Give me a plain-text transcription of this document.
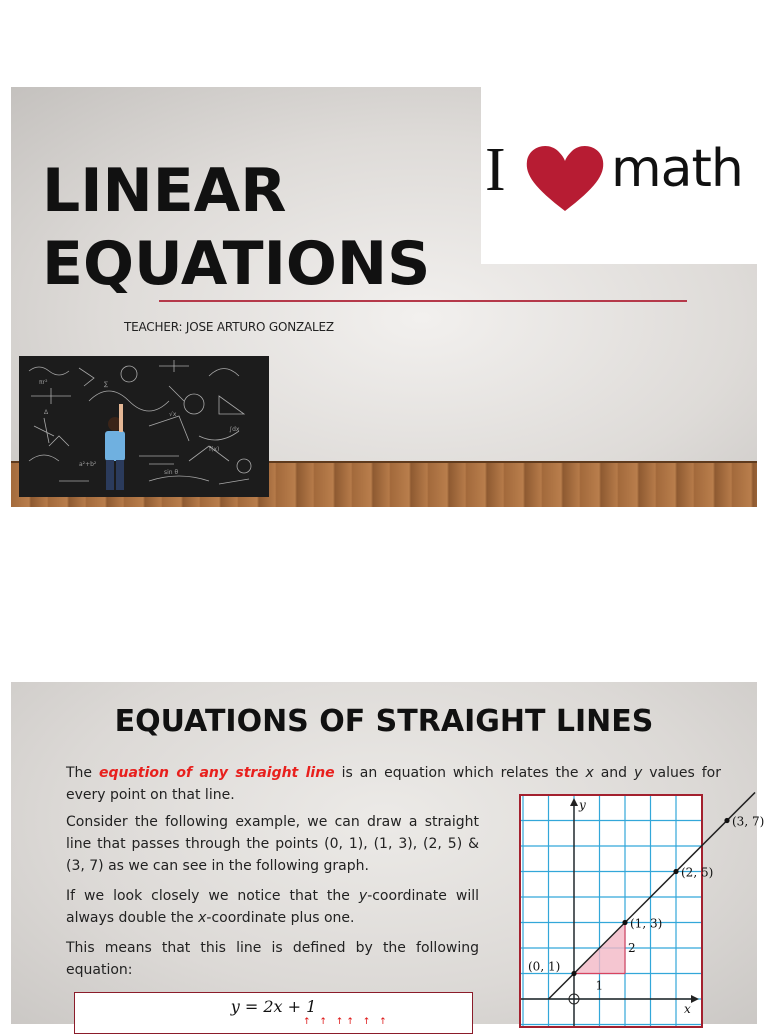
LINEAR
EQUATIONS
I math
TEACHER: JOSE ARTURO GONZALEZ
πr²	∑
√x
∫dx
a²+b²
f(x)
Δ
sin θ
EQUATIONS OF STRAIGHT LINES

The equation of any straight line is an equation which relates the x and y values for every point on that line.

Consider the following example, we can draw a straight line that passes through the points (0, 1), (1, 3), (2, 5) & (3, 7) as we can see in the following graph.

If we look closely we notice that the y-coordinate will always double the x-coordinate plus one.

This means that this line is defined by the following equation:

y = 2x + 1
↑ ↑ ↑↑ ↑ ↑
x
y
2
1
(0, 1)
(1, 3)
(2, 5)
(3, 7)
